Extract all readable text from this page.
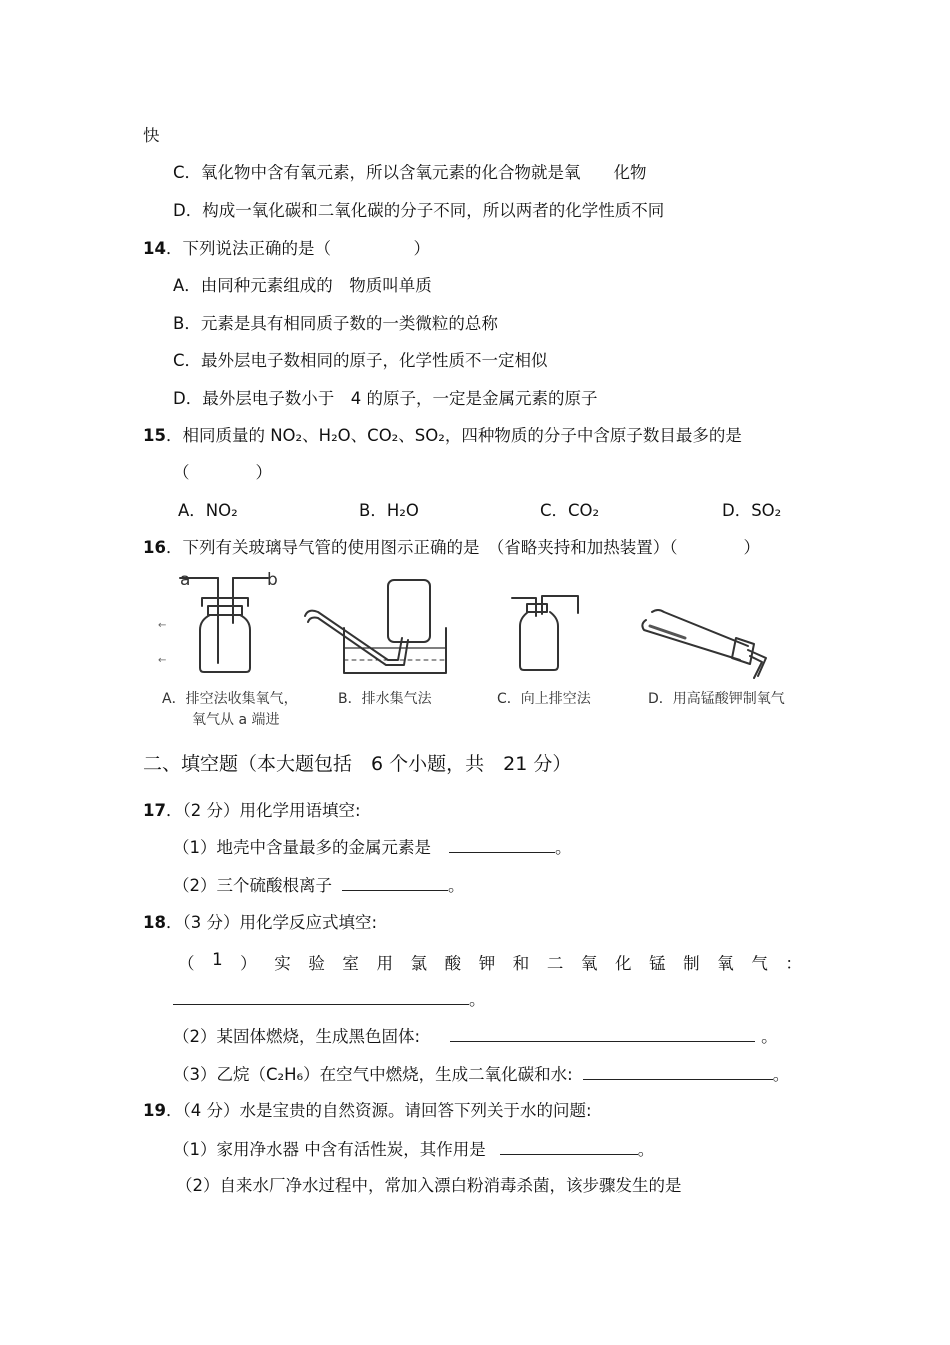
快
C．氧化物中含有氧元素，所以含氧元素的化合物就是氧　　化物
D．构成一氧化碳和二氧化碳的分子不同，所以两者的化学性质不同
14．下列说法正确的是（　　　　　）
A．由同种元素组成的　物质叫单质
B．元素是具有相同质子数的一类微粒的总称
C．最外层电子数相同的原子，化学性质不一定相似
D．最外层电子数小于　4 的原子，一定是金属元素的原子
15．相同质量的 NO₂、H₂O、CO₂、SO₂，四种物质的分子中含原子数目最多的是
（　　　　）
A．NO₂	B．H₂O	C．CO₂	D．SO₂
16．下列有关玻璃导气管的使用图示正确的是　（省略夹持和加热装置）（　　　　）
←
←
a	b
A．排空法收集氧气，
氧气从 a 端进
B．排水集气法	C．向上排空法	D．用高锰酸钾制氧气
二、填空题（本大题包括　6 个小题，共　21 分）
17．（2 分）用化学用语填空:
（1）地壳中含量最多的金属元素是	。
（2）三个硫酸根离子	。
18．（3 分）用化学反应式填空:
（ 1 ） 实 验 室 用 氯 酸 钾 和 二 氧 化 锰 制 氧 气 ：
。
（2）某固体燃烧，生成黑色固体:	。
（3）乙烷（C₂H₆）在空气中燃烧，生成二氧化碳和水:	。
19．（4 分）水是宝贵的自然资源。请回答下列关于水的问题:
（1）家用净水器 中含有活性炭，其作用是	。
（2）自来水厂净水过程中，常加入漂白粉消毒杀菌，该步骤发生的是
